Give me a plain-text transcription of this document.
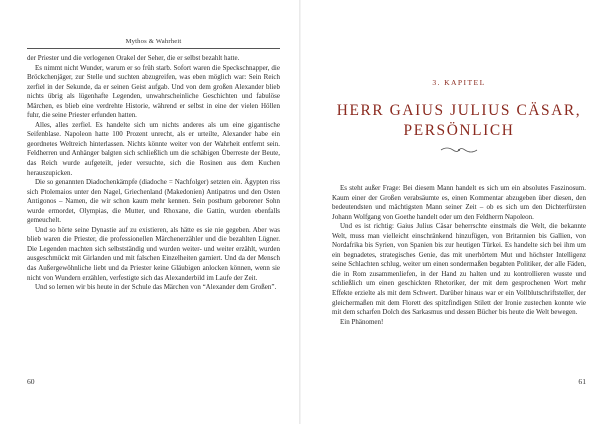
Mythos & Wahrheit

der Priester und die verlogenen Orakel der Seher, die er selbst bezahlt hatte.

Es nimmt nicht Wunder, warum er so früh starb. Sofort waren die Speckschnapper, die Bröckchenjäger, zur Stelle und suchten abzugreifen, was eben möglich war: Sein Reich zerfiel in der Sekunde, da er seinen Geist aufgab. Und von dem großen Alexander blieb nichts übrig als lügenhafte Legenden, unwahrscheinliche Geschichten und fabulöse Märchen, es blieb eine verdrehte Historie, während er selbst in eine der vielen Höllen fuhr, die seine Priester erfunden hatten.

Alles, alles zerfiel. Es handelte sich um nichts anderes als um eine gigantische Seifenblase. Napoleon hatte 100 Prozent unrecht, als er urteilte, Alexander habe ein geordnetes Weltreich hinterlassen. Nichts könnte weiter von der Wahrheit entfernt sein. Feldherren und Anhänger balgten sich schließlich um die schäbigen Überreste der Beute, das Reich wurde aufgeteilt, jeder versuchte, sich die Rosinen aus dem Kuchen herauszupicken.

Die so genannten Diadochenkämpfe (diadoche = Nachfolger) setzten ein. Ägypten riss sich Ptolemaios unter den Nagel, Griechenland (Makedonien) Antipatros und den Osten Antigonos – Namen, die wir schon kaum mehr kennen. Sein posthum geborener Sohn wurde ermordet, Olympias, die Mutter, und Rhoxane, die Gattin, wurden ebenfalls gemeuchelt.

Und so hörte seine Dynastie auf zu existieren, als hätte es sie nie gegeben. Aber was blieb waren die Priester, die professionellen Märchenerzähler und die bezahlten Lügner. Die Legenden machten sich selbstständig und wurden weiter- und weiter erzählt, wurden ausgeschmückt mit Girlanden und mit falschen Einzelheiten garniert. Und da der Mensch das Außergewöhnliche liebt und da Priester keine Gläubigen anlocken können, wenn sie nicht von Wundern erzählen, verfestigte sich das Alexanderbild im Laufe der Zeit.

Und so lernen wir bis heute in der Schule das Märchen von “Alexander dem Großen”.

60
3. KAPITEL
HERR GAIUS JULIUS CÄSAR,
PERSÖNLICH

Es steht außer Frage: Bei diesem Mann handelt es sich um ein absolutes Faszinosum. Kaum einer der Großen verabsäumte es, einen Kommentar abzugeben über diesen, den bedeutendsten und mächtigsten Mann seiner Zeit – ob es sich um den Dichterfürsten Johann Wolfgang von Goethe handelt oder um den Feldherrn Napoleon.

Und es ist richtig: Gaius Julius Cäsar beherrschte einstmals die Welt, die bekannte Welt, muss man vielleicht einschränkend hinzufügen, von Britannien bis Gallien, von Nordafrika bis Syrien, von Spanien bis zur heutigen Türkei. Es handelte sich bei ihm um ein begnadetes, strategisches Genie, das mit unerhörtem Mut und höchster Intelligenz seine Schlachten schlug, weiter um einen sondermaßen begabten Politiker, der alle Fäden, die in Rom zusammenliefen, in der Hand zu halten und zu kontrollieren wusste und schließlich um einen geschickten Rhetoriker, der mit dem gesprochenen Wort mehr Effekte erzielte als mit dem Schwert. Darüber hinaus war er ein Vollblutschriftsteller, der gleichermaßen mit dem Florett des spitzfindigen Stilett der Ironie zustechen konnte wie mit dem scharfen Dolch des Sarkasmus und dessen Bücher bis heute die Welt bewegen.

Ein Phänomen!

61
